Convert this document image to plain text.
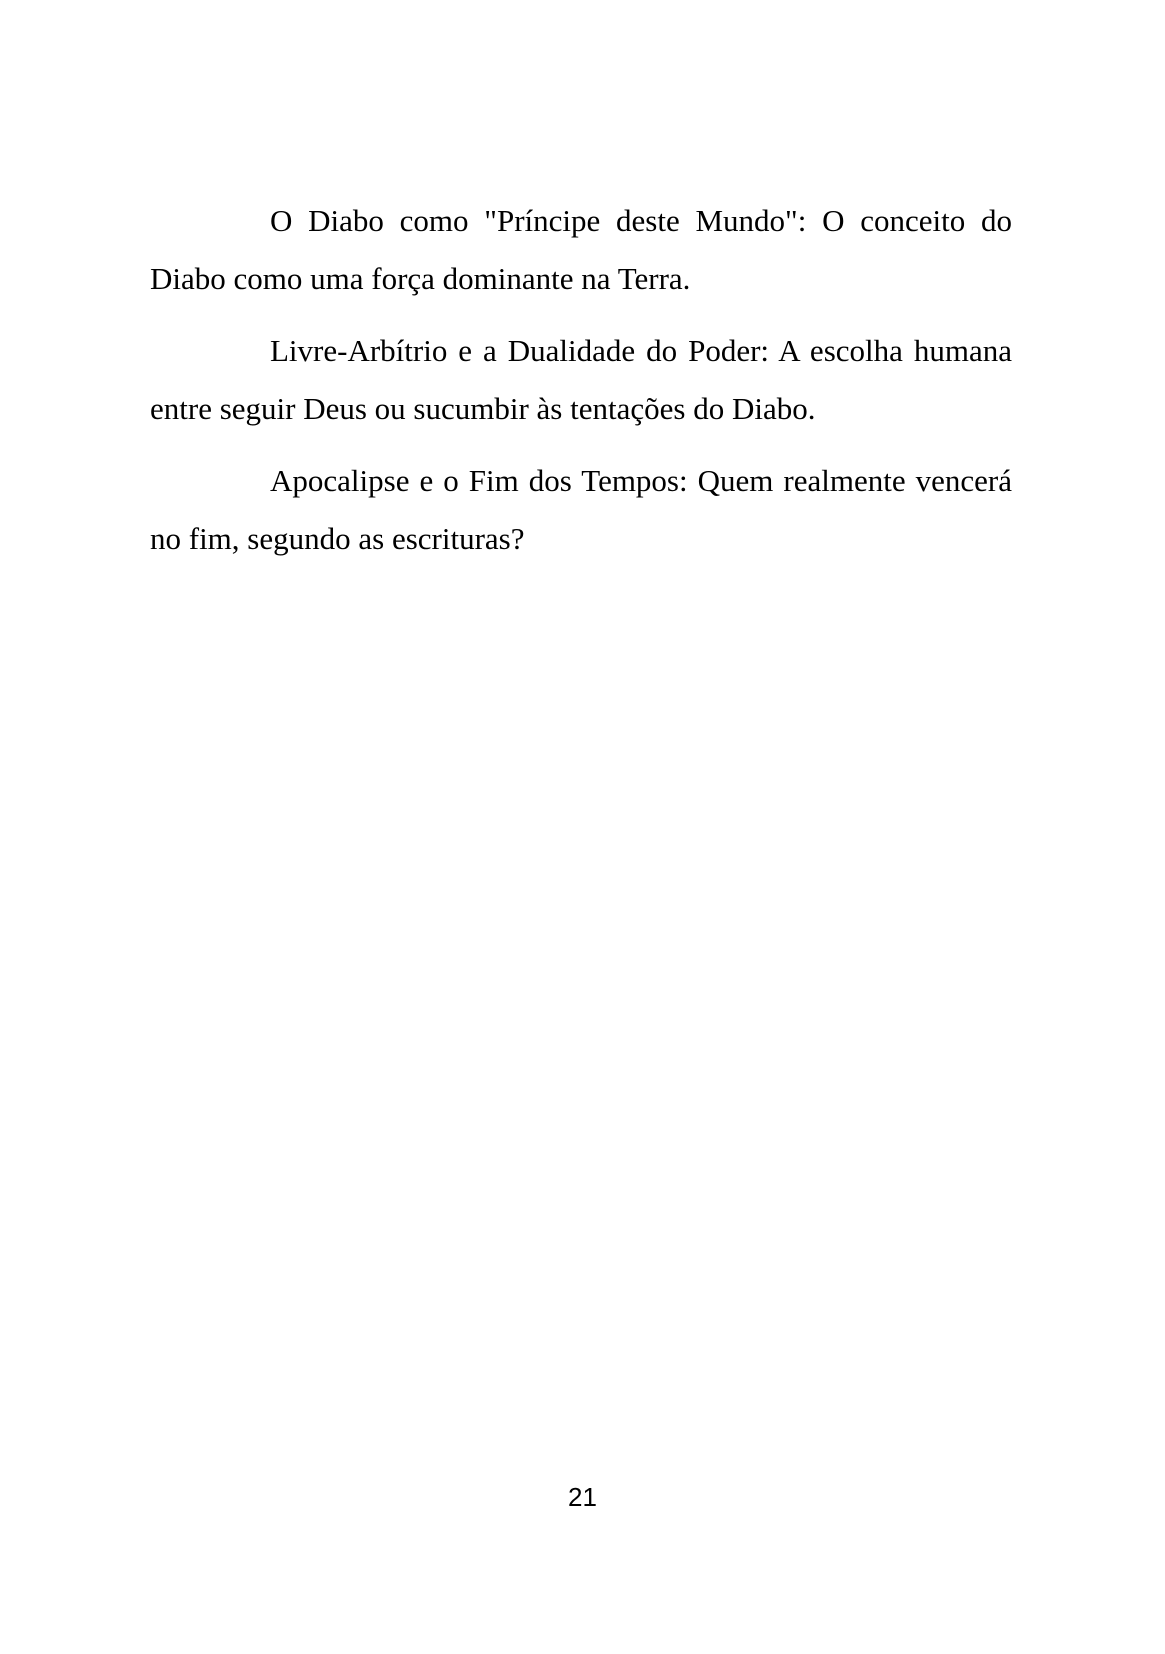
O Diabo como "Príncipe deste Mundo": O conceito do Diabo como uma força dominante na Terra.

Livre-Arbítrio e a Dualidade do Poder: A escolha humana entre seguir Deus ou sucumbir às tentações do Diabo.

Apocalipse e o Fim dos Tempos: Quem realmente vencerá no fim, segundo as escrituras?

21
